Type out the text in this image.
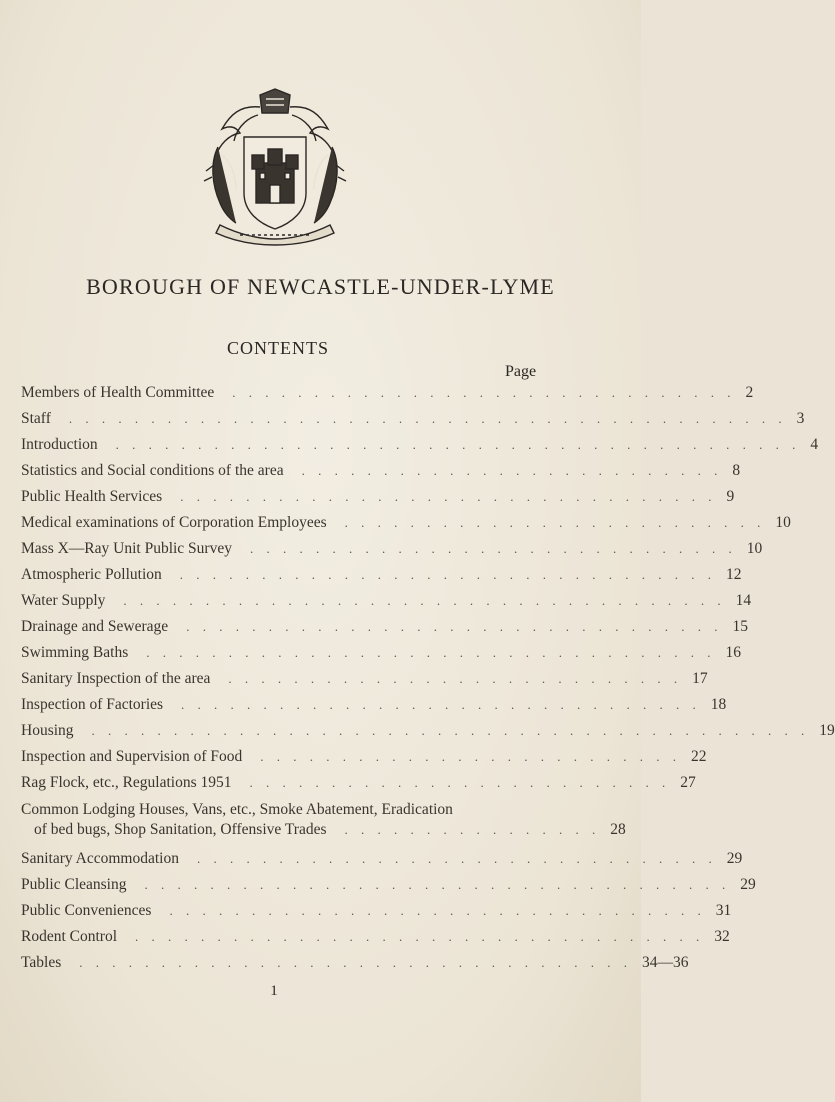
BOROUGH OF NEWCASTLE-UNDER-LYME
CONTENTS
Page
Members of Health Committee . . . . . . . . . . . . . . . . . . . . . . . . . . . . . . . 2
Staff . . . . . . . . . . . . . . . . . . . . . . . . . . . . . . . . . . . . . . . . . . . . 3
Introduction . . . . . . . . . . . . . . . . . . . . . . . . . . . . . . . . . . . . . . . . . . 4
Statistics and Social conditions of the area . . . . . . . . . . . . . . . . . . . . . . . . . . 8
Public Health Services . . . . . . . . . . . . . . . . . . . . . . . . . . . . . . . . . 9
Medical examinations of Corporation Employees . . . . . . . . . . . . . . . . . . . . . . . . . . 10
Mass X—Ray Unit Public Survey . . . . . . . . . . . . . . . . . . . . . . . . . . . . . . 10
Atmospheric Pollution . . . . . . . . . . . . . . . . . . . . . . . . . . . . . . . . . 12
Water Supply . . . . . . . . . . . . . . . . . . . . . . . . . . . . . . . . . . . . . 14
Drainage and Sewerage . . . . . . . . . . . . . . . . . . . . . . . . . . . . . . . . . 15
Swimming Baths . . . . . . . . . . . . . . . . . . . . . . . . . . . . . . . . . . . 16
Sanitary Inspection of the area . . . . . . . . . . . . . . . . . . . . . . . . . . . . 17
Inspection of Factories . . . . . . . . . . . . . . . . . . . . . . . . . . . . . . . . 18
Housing . . . . . . . . . . . . . . . . . . . . . . . . . . . . . . . . . . . . . . . . . . . . 19
Inspection and Supervision of Food . . . . . . . . . . . . . . . . . . . . . . . . . . 22
Rag Flock, etc., Regulations 1951 . . . . . . . . . . . . . . . . . . . . . . . . . . 27
Common Lodging Houses, Vans, etc., Smoke Abatement, Eradication
of bed bugs, Shop Sanitation, Offensive Trades . . . . . . . . . . . . . . . . 28
Sanitary Accommodation . . . . . . . . . . . . . . . . . . . . . . . . . . . . . . . . 29
Public Cleansing . . . . . . . . . . . . . . . . . . . . . . . . . . . . . . . . . . . . 29
Public Conveniences . . . . . . . . . . . . . . . . . . . . . . . . . . . . . . . . . 31
Rodent Control . . . . . . . . . . . . . . . . . . . . . . . . . . . . . . . . . . . 32
Tables . . . . . . . . . . . . . . . . . . . . . . . . . . . . . . . . . . 34—36
1
